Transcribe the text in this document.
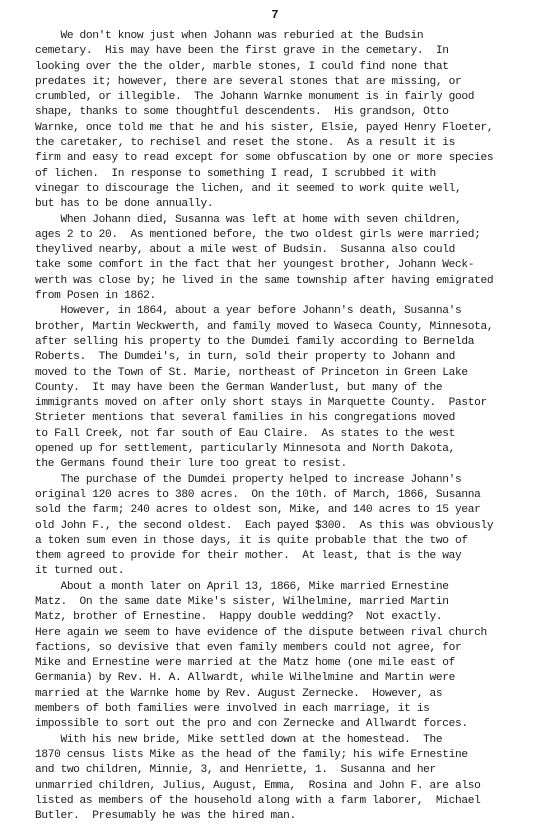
7
We don't know just when Johann was reburied at the Budsin
cemetary.  His may have been the first grave in the cemetary.  In
looking over the the older, marble stones, I could find none that
predates it; however, there are several stones that are missing, or
crumbled, or illegible.  The Johann Warnke monument is in fairly good
shape, thanks to some thoughtful descendents.  His grandson, Otto
Warnke, once told me that he and his sister, Elsie, payed Henry Floeter,
the caretaker, to rechisel and reset the stone.  As a result it is
firm and easy to read except for some obfuscation by one or more species
of lichen.  In response to something I read, I scrubbed it with
vinegar to discourage the lichen, and it seemed to work quite well,
but has to be done annually.
When Johann died, Susanna was left at home with seven children,
ages 2 to 20.  As mentioned before, the two oldest girls were married;
theylived nearby, about a mile west of Budsin.  Susanna also could
take some comfort in the fact that her youngest brother, Johann Weck-
werth was close by; he lived in the same township after having emigrated
from Posen in 1862.
However, in 1864, about a year before Johann's death, Susanna's
brother, Martin Weckwerth, and family moved to Waseca County, Minnesota,
after selling his property to the Dumdei family according to Bernelda
Roberts.  The Dumdei's, in turn, sold their property to Johann and
moved to the Town of St. Marie, northeast of Princeton in Green Lake
County.  It may have been the German Wanderlust, but many of the
immigrants moved on after only short stays in Marquette County.  Pastor
Strieter mentions that several families in his congregations moved
to Fall Creek, not far south of Eau Claire.  As states to the west
opened up for settlement, particularly Minnesota and North Dakota,
the Germans found their lure too great to resist.
The purchase of the Dumdei property helped to increase Johann's
original 120 acres to 380 acres.  On the 10th. of March, 1866, Susanna
sold the farm; 240 acres to oldest son, Mike, and 140 acres to 15 year
old John F., the second oldest.  Each payed $300.  As this was obviously
a token sum even in those days, it is quite probable that the two of
them agreed to provide for their mother.  At least, that is the way
it turned out.
About a month later on April 13, 1866, Mike married Ernestine
Matz.  On the same date Mike's sister, Wilhelmine, married Martin
Matz, brother of Ernestine.  Happy double wedding?  Not exactly.
Here again we seem to have evidence of the dispute between rival church
factions, so devisive that even family members could not agree, for
Mike and Ernestine were married at the Matz home (one mile east of
Germania) by Rev. H. A. Allwardt, while Wilhelmine and Martin were
married at the Warnke home by Rev. August Zernecke.  However, as
members of both families were involved in each marriage, it is
impossible to sort out the pro and con Zernecke and Allwardt forces.
With his new bride, Mike settled down at the homestead.  The
1870 census lists Mike as the head of the family; his wife Ernestine
and two children, Minnie, 3, and Henriette, 1.  Susanna and her
unmarried children, Julius, August, Emma,  Rosina and John F. are also
listed as members of the household along with a farm laborer,  Michael
Butler.  Presumably he was the hired man.
